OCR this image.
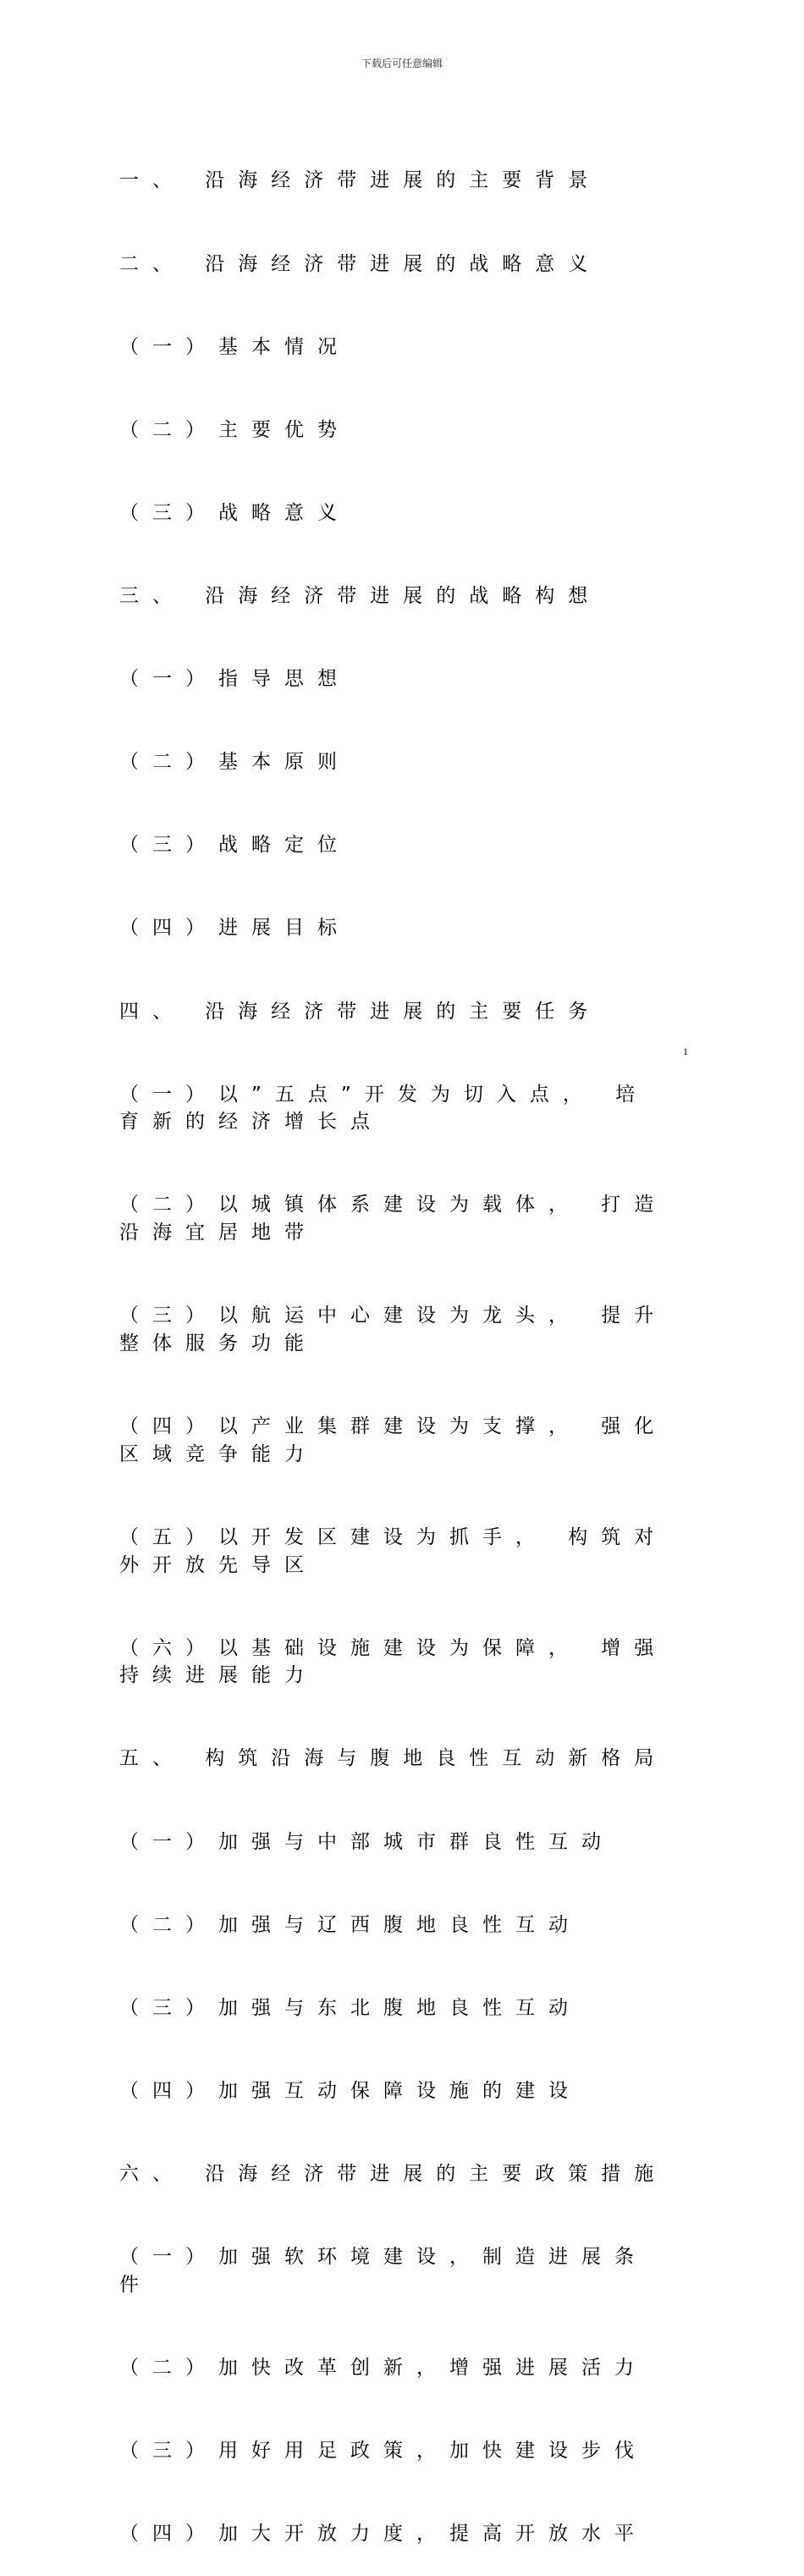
下载后可任意编辑

一、 沿海经济带进展的主要背景

二、 沿海经济带进展的战略意义

（一）基本情况

（二）主要优势

（三）战略意义

三、 沿海经济带进展的战略构想

（一）指导思想

（二）基本原则

（三）战略定位

（四）进展目标

四、 沿海经济带进展的主要任务

（一）以”五点”开发为切入点， 培育新的经济增长点

（二）以城镇体系建设为载体， 打造沿海宜居地带

（三）以航运中心建设为龙头， 提升整体服务功能

（四）以产业集群建设为支撑， 强化区域竞争能力

（五）以开发区建设为抓手， 构筑对外开放先导区

（六）以基础设施建设为保障， 增强持续进展能力

五、 构筑沿海与腹地良性互动新格局

（一）加强与中部城市群良性互动

（二）加强与辽西腹地良性互动

（三）加强与东北腹地良性互动

（四）加强互动保障设施的建设

六、 沿海经济带进展的主要政策措施

（一）加强软环境建设，制造进展条件

（二）加快改革创新，增强进展活力

（三）用好用足政策，加快建设步伐

（四）加大开放力度，提高开放水平

1
